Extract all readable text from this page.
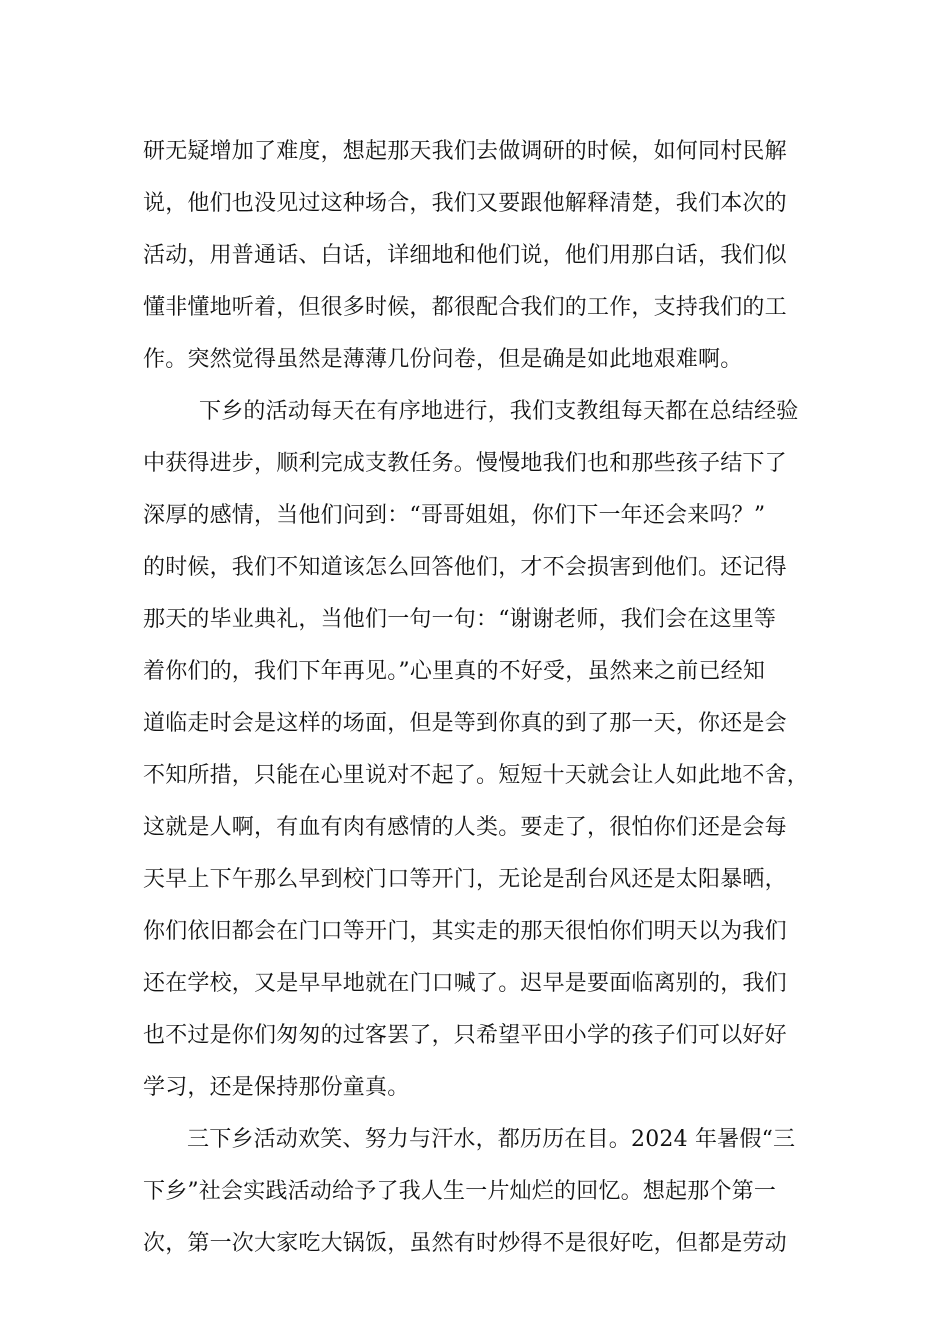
研无疑增加了难度，想起那天我们去做调研的时候，如何同村民解
说，他们也没见过这种场合，我们又要跟他解释清楚，我们本次的
活动，用普通话、白话，详细地和他们说，他们用那白话，我们似
懂非懂地听着，但很多时候，都很配合我们的工作，支持我们的工
作。突然觉得虽然是薄薄几份问卷，但是确是如此地艰难啊。
下乡的活动每天在有序地进行，我们支教组每天都在总结经验
中获得进步，顺利完成支教任务。慢慢地我们也和那些孩子结下了
深厚的感情，当他们问到：“哥哥姐姐，你们下一年还会来吗？”
的时候，我们不知道该怎么回答他们，才不会损害到他们。还记得
那天的毕业典礼，当他们一句一句：“谢谢老师，我们会在这里等
着你们的，我们下年再见。”心里真的不好受，虽然来之前已经知
道临走时会是这样的场面，但是等到你真的到了那一天，你还是会
不知所措，只能在心里说对不起了。短短十天就会让人如此地不舍，
这就是人啊，有血有肉有感情的人类。要走了，很怕你们还是会每
天早上下午那么早到校门口等开门，无论是刮台风还是太阳暴晒，
你们依旧都会在门口等开门，其实走的那天很怕你们明天以为我们
还在学校，又是早早地就在门口喊了。迟早是要面临离别的，我们
也不过是你们匆匆的过客罢了，只希望平田小学的孩子们可以好好
学习，还是保持那份童真。
三下乡活动欢笑、努力与汗水，都历历在目。2024 年暑假“三
下乡”社会实践活动给予了我人生一片灿烂的回忆。想起那个第一
次，第一次大家吃大锅饭，虽然有时炒得不是很好吃，但都是劳动
